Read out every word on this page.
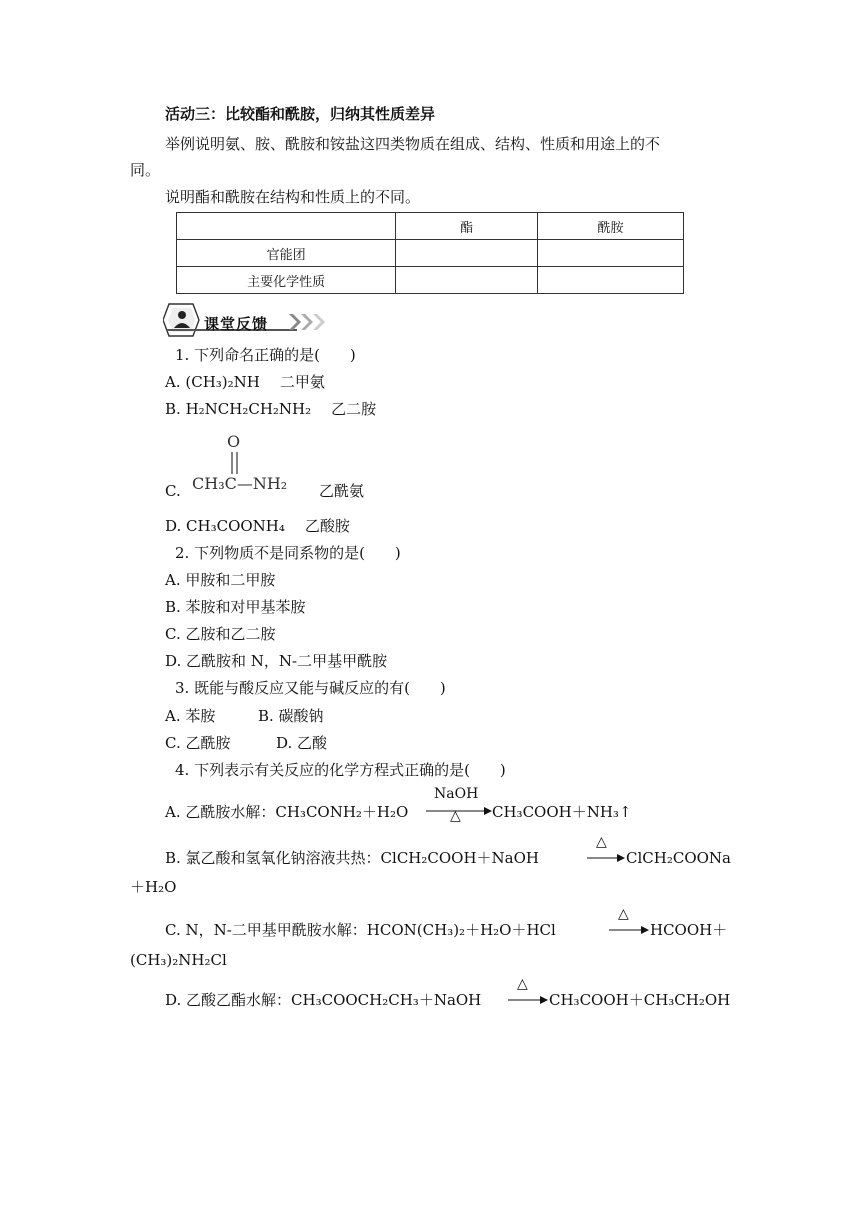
活动三：比较酯和酰胺，归纳其性质差异
举例说明氨、胺、酰胺和铵盐这四类物质在组成、结构、性质和用途上的不
同。
说明酯和酰胺在结构和性质上的不同。
	酯	酰胺
官能团		
主要化学性质		
课堂反馈
1. 下列命名正确的是(　　)
A. (CH₃)₂NH 二甲氨
B. H₂NCH₂CH₂NH₂ 乙二胺
C.
O
CH₃C—NH₂ 乙酰氨
D. CH₃COONH₄ 乙酸胺
2. 下列物质不是同系物的是(　　)
A. 甲胺和二甲胺
B. 苯胺和对甲基苯胺
C. 乙胺和乙二胺
D. 乙酰胺和 N，N-二甲基甲酰胺
3. 既能与酸反应又能与碱反应的有(　　)
A. 苯胺	B. 碳酸钠
C. 乙酰胺	D. 乙酸
4. 下列表示有关反应的化学方程式正确的是(　　)
A. 乙酰胺水解：CH₃CONH₂＋H₂O
NaOH
△ CH₃COOH＋NH₃↑
B. 氯乙酸和氢氧化钠溶液共热：ClCH₂COOH＋NaOH
△
→ ClCH₂COONa
＋H₂O
C. N，N-二甲基甲酰胺水解：HCON(CH₃)₂＋H₂O＋HCl
△
→ HCOOH＋
(CH₃)₂NH₂Cl
D. 乙酸乙酯水解：CH₃COOCH₂CH₃＋NaOH
△
→ CH₃COOH＋CH₃CH₂OH
